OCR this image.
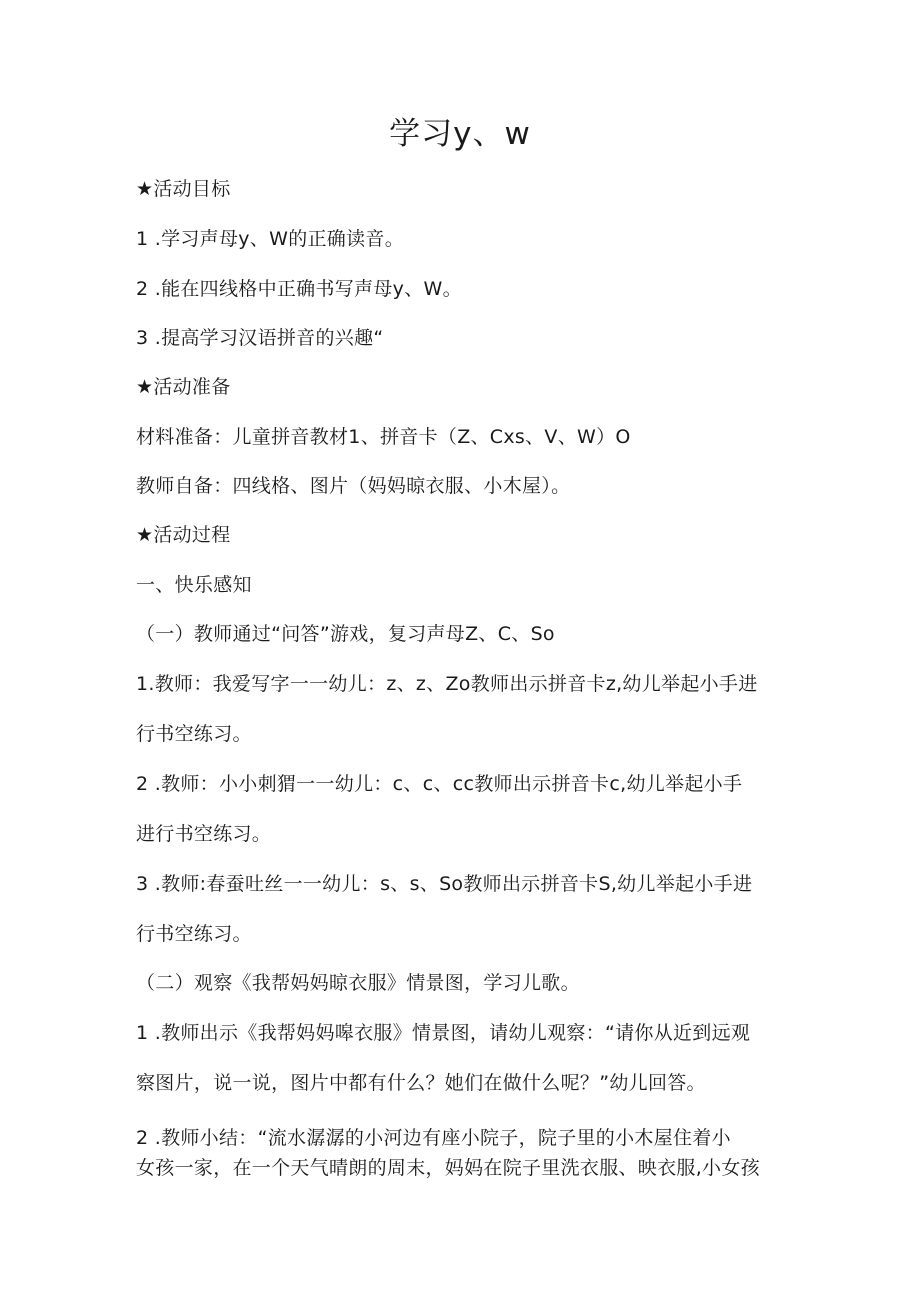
学习y、w
★活动目标
1 .学习声母y、W的正确读音。
2 .能在四线格中正确书写声母y、W。
3 .提高学习汉语拼音的兴趣“
★活动准备
材料准备：儿童拼音教材1、拼音卡（Z、Cxs、V、W）O
教师自备：四线格、图片（妈妈晾衣服、小木屋）。
★活动过程
一、快乐感知
（一）教师通过“问答”游戏，复习声母Z、C、So
1.教师：我爱写字一一幼儿：z、z、Zo教师出示拼音卡z,幼儿举起小手进
行书空练习。
2 .教师：小小刺猬一一幼儿：c、c、cc教师出示拼音卡c,幼儿举起小手
进行书空练习。
3 .教师:春蚕吐丝一一幼儿：s、s、So教师出示拼音卡S,幼儿举起小手进
行书空练习。
（二）观察《我帮妈妈晾衣服》情景图，学习儿歌。
1 .教师出示《我帮妈妈嗥衣服》情景图，请幼儿观察：“请你从近到远观
察图片，说一说，图片中都有什么？她们在做什么呢？”幼儿回答。
2 .教师小结：“流水潺潺的小河边有座小院子，院子里的小木屋住着小
女孩一家，在一个天气晴朗的周末，妈妈在院子里洗衣服、映衣服,小女孩
